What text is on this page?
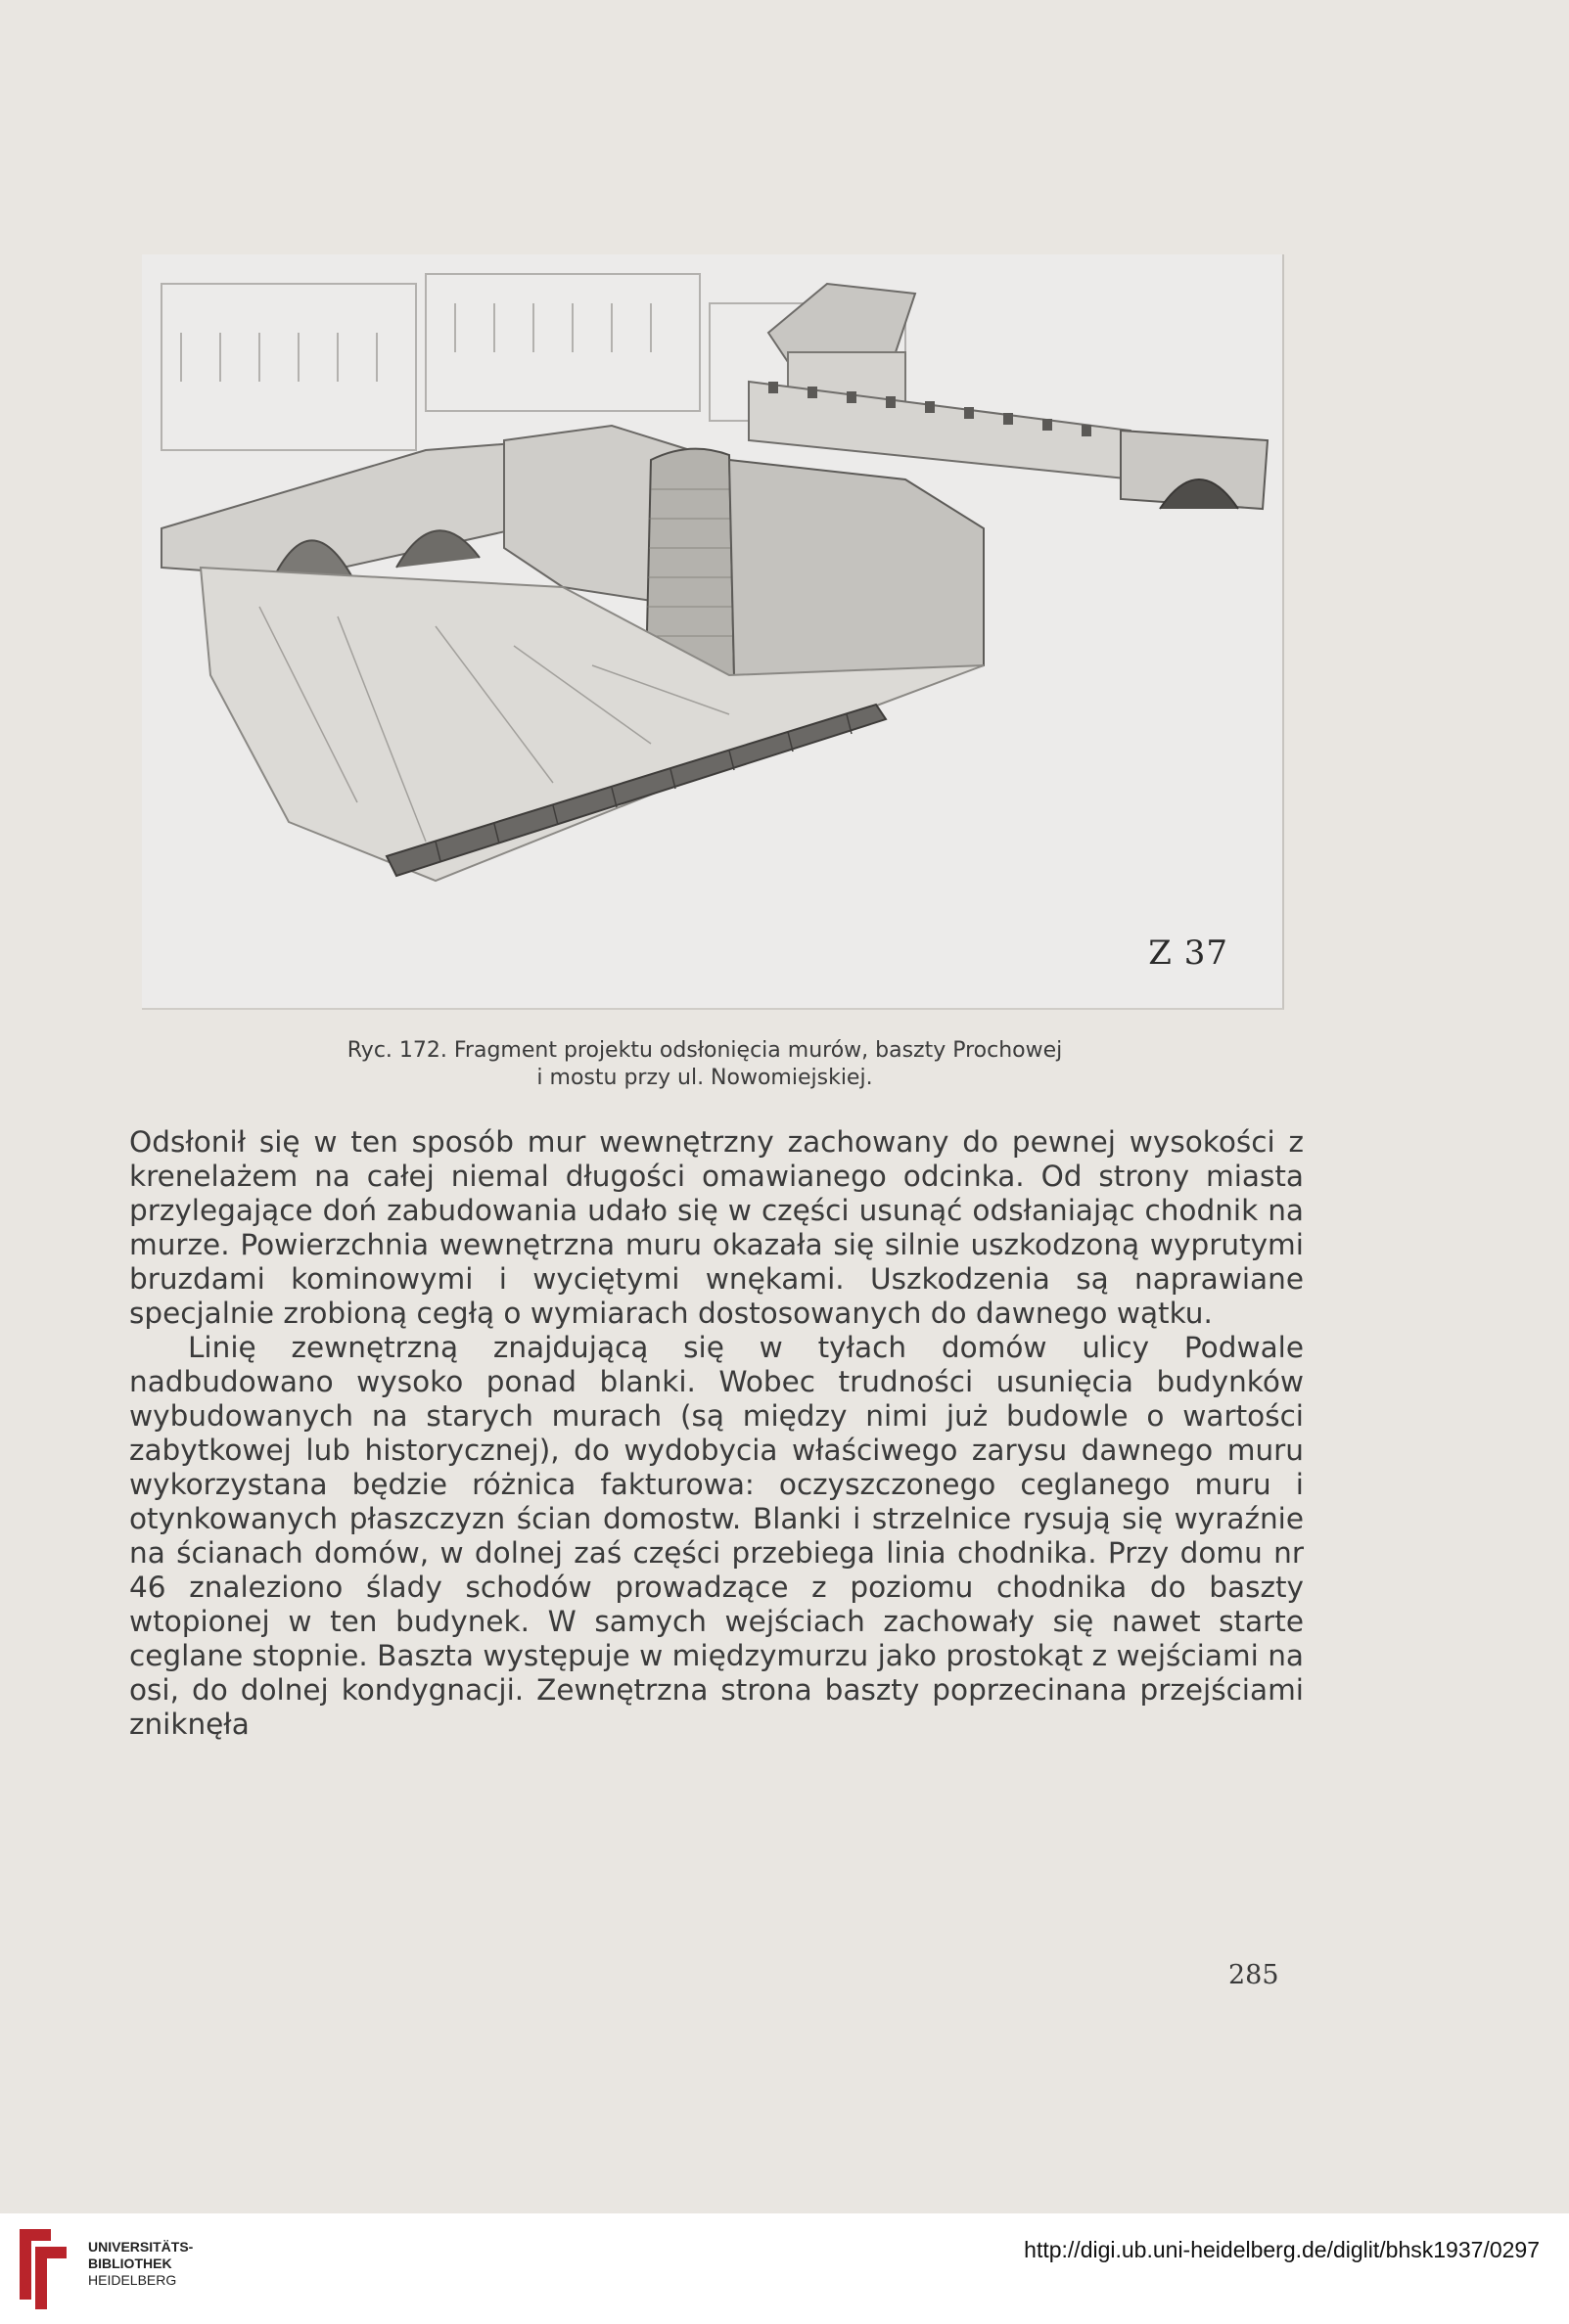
Z 37
Ryc. 172. Fragment projektu odsłonięcia murów, baszty Prochowej
i mostu przy ul. Nowomiejskiej.

Odsłonił się w ten sposób mur wewnętrzny zachowany do pewnej wysokości z krenelażem na całej niemal długości omawianego odcinka. Od strony miasta przylegające doń zabudowania udało się w części usunąć odsłaniając chodnik na murze. Powierzchnia wewnętrzna muru okazała się silnie uszkodzoną wyprutymi bruzdami kominowymi i wyciętymi wnękami. Uszkodzenia są naprawiane specjalnie zrobioną cegłą o wymiarach dostosowanych do dawnego wątku.

Linię zewnętrzną znajdującą się w tyłach domów ulicy Podwale nadbudowano wysoko ponad blanki. Wobec trudności usunięcia budynków wybudowanych na starych murach (są między nimi już budowle o wartości zabytkowej lub historycznej), do wydobycia właściwego zarysu dawnego muru wykorzystana będzie różnica fakturowa: oczyszczonego ceglanego muru i otynkowanych płaszczyzn ścian domostw. Blanki i strzelnice rysują się wyraźnie na ścianach domów, w dolnej zaś części przebiega linia chodnika. Przy domu nr 46 znaleziono ślady schodów prowadzące z poziomu chodnika do baszty wtopionej w ten budynek. W samych wejściach zachowały się nawet starte ceglane stopnie. Baszta występuje w międzymurzu jako prostokąt z wejściami na osi, do dolnej kondygnacji. Zewnętrzna strona baszty poprzecinana przejściami zniknęła

285
UNIVERSITÄTS-
BIBLIOTHEK
HEIDELBERG
http://digi.ub.uni-heidelberg.de/diglit/bhsk1937/0297
